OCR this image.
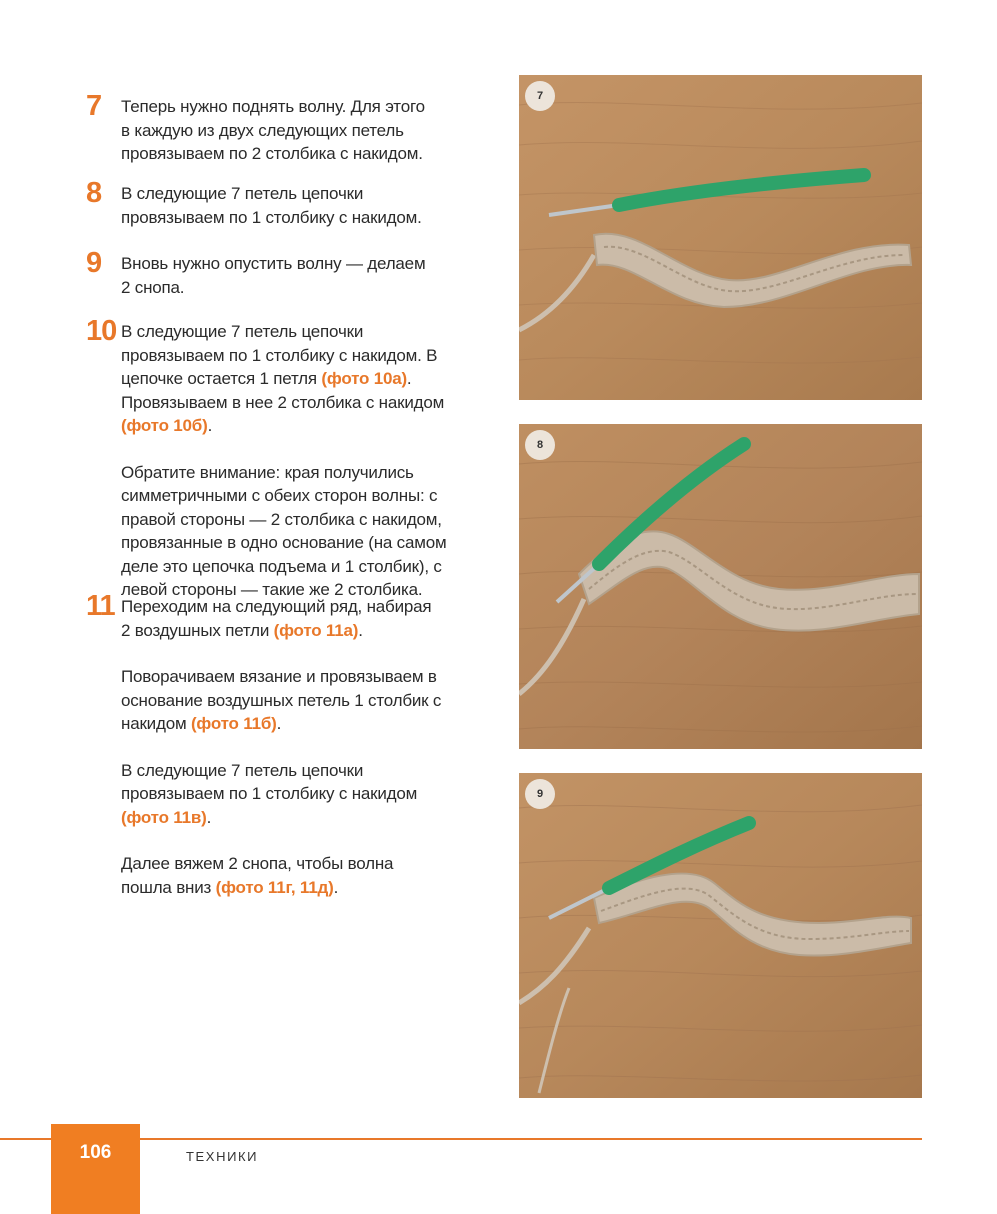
7 Теперь нужно поднять волну. Для этого в каждую из двух следующих петель провязываем по 2 столбика с накидом.
8 В следующие 7 петель цепочки провязываем по 1 столбику с накидом.
9 Вновь нужно опустить волну — делаем 2 снопа.
10 В следующие 7 петель цепочки провязываем по 1 столбику с накидом. В цепочке остается 1 петля (фото 10а). Провязываем в нее 2 столбика с накидом (фото 10б).
Обратите внимание: края получились симметричными с обеих сторон волны: с правой стороны — 2 столбика с накидом, провязанные в одно основание (на самом деле это цепочка подъема и 1 столбик), с левой стороны — такие же 2 столбика.
11 Переходим на следующий ряд, набирая 2 воздушных петли (фото 11а).
Поворачиваем вязание и провязываем в основание воздушных петель 1 столбик с накидом (фото 11б).
В следующие 7 петель цепочки провязываем по 1 столбику с накидом (фото 11в).
Далее вяжем 2 снопа, чтобы волна пошла вниз (фото 11г, 11д).
7
8
9
106	ТЕХНИКИ
